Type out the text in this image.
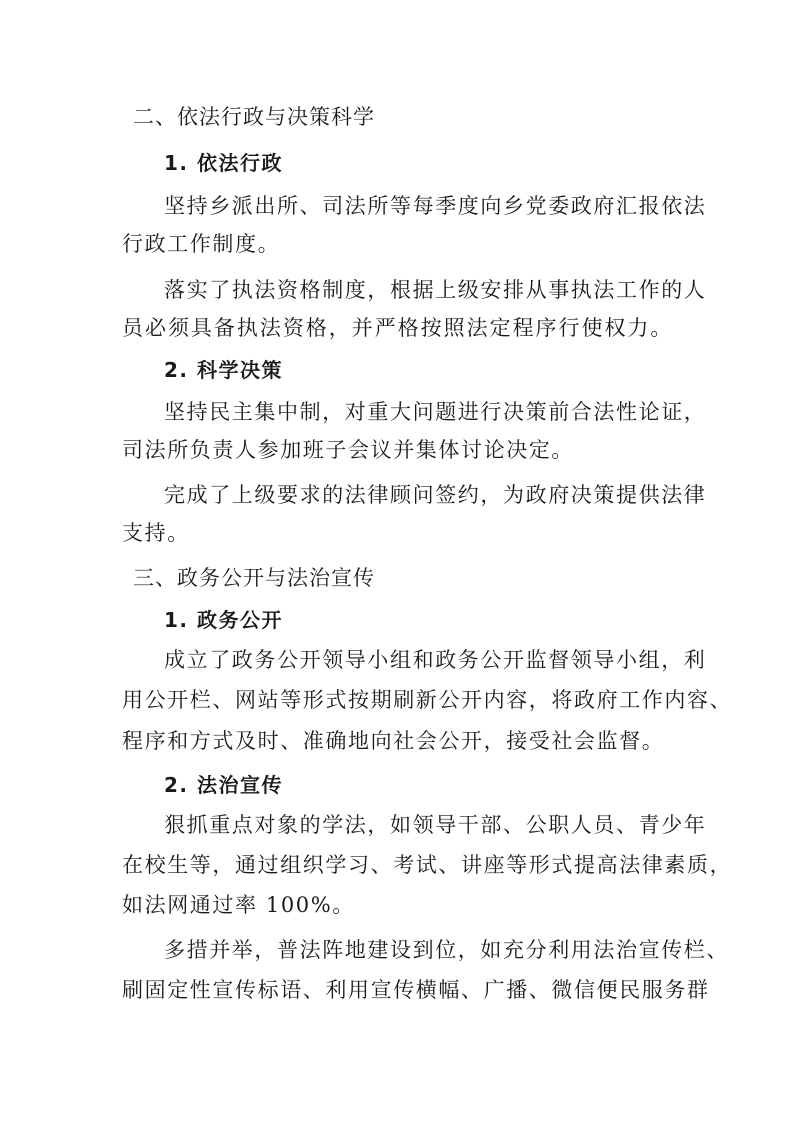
二、依法行政与决策科学
1. 依法行政
坚持乡派出所、司法所等每季度向乡党委政府汇报依法
行政工作制度。
落实了执法资格制度，根据上级安排从事执法工作的人
员必须具备执法资格，并严格按照法定程序行使权力。
2. 科学决策
坚持民主集中制，对重大问题进行决策前合法性论证，
司法所负责人参加班子会议并集体讨论决定。
完成了上级要求的法律顾问签约，为政府决策提供法律
支持。
三、政务公开与法治宣传
1. 政务公开
成立了政务公开领导小组和政务公开监督领导小组，利
用公开栏、网站等形式按期刷新公开内容，将政府工作内容、
程序和方式及时、准确地向社会公开，接受社会监督。
2. 法治宣传
狠抓重点对象的学法，如领导干部、公职人员、青少年
在校生等，通过组织学习、考试、讲座等形式提高法律素质，
如法网通过率 100%。
多措并举，普法阵地建设到位，如充分利用法治宣传栏、
刷固定性宣传标语、利用宣传横幅、广播、微信便民服务群
